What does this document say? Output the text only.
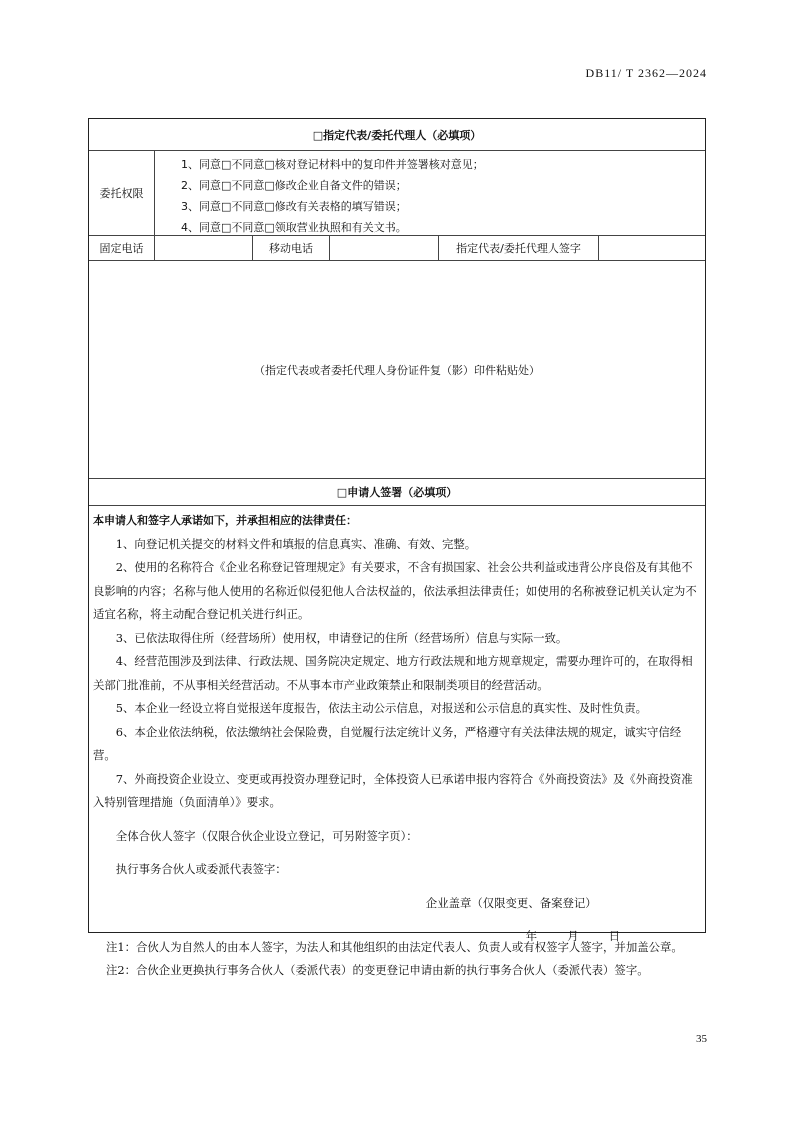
DB11/ T 2362—2024
□指定代表/委托代理人（必填项）
委托权限
1、同意□不同意□核对登记材料中的复印件并签署核对意见；
2、同意□不同意□修改企业自备文件的错误；
3、同意□不同意□修改有关表格的填写错误；
4、同意□不同意□领取营业执照和有关文书。
固定电话	移动电话	指定代表/委托代理人签字
（指定代表或者委托代理人身份证件复（影）印件粘贴处）
□申请人签署（必填项）

本申请人和签字人承诺如下，并承担相应的法律责任：

1、向登记机关提交的材料文件和填报的信息真实、准确、有效、完整。

2、使用的名称符合《企业名称登记管理规定》有关要求，不含有损国家、社会公共利益或违背公序良俗及有其他不良影响的内容；名称与他人使用的名称近似侵犯他人合法权益的，依法承担法律责任；如使用的名称被登记机关认定为不适宜名称，将主动配合登记机关进行纠正。

3、已依法取得住所（经营场所）使用权，申请登记的住所（经营场所）信息与实际一致。

4、经营范围涉及到法律、行政法规、国务院决定规定、地方行政法规和地方规章规定，需要办理许可的，在取得相关部门批准前，不从事相关经营活动。不从事本市产业政策禁止和限制类项目的经营活动。

5、本企业一经设立将自觉报送年度报告，依法主动公示信息，对报送和公示信息的真实性、及时性负责。

6、本企业依法纳税，依法缴纳社会保险费，自觉履行法定统计义务，严格遵守有关法律法规的规定，诚实守信经营。

7、外商投资企业设立、变更或再投资办理登记时，全体投资人已承诺申报内容符合《外商投资法》及《外商投资准入特别管理措施（负面清单）》要求。

全体合伙人签字（仅限合伙企业设立登记，可另附签字页）：

执行事务合伙人或委派代表签字：

企业盖章（仅限变更、备案登记）

年	月	日

注1：合伙人为自然人的由本人签字，为法人和其他组织的由法定代表人、负责人或有权签字人签字，并加盖公章。
注2：合伙企业更换执行事务合伙人（委派代表）的变更登记申请由新的执行事务合伙人（委派代表）签字。
35
